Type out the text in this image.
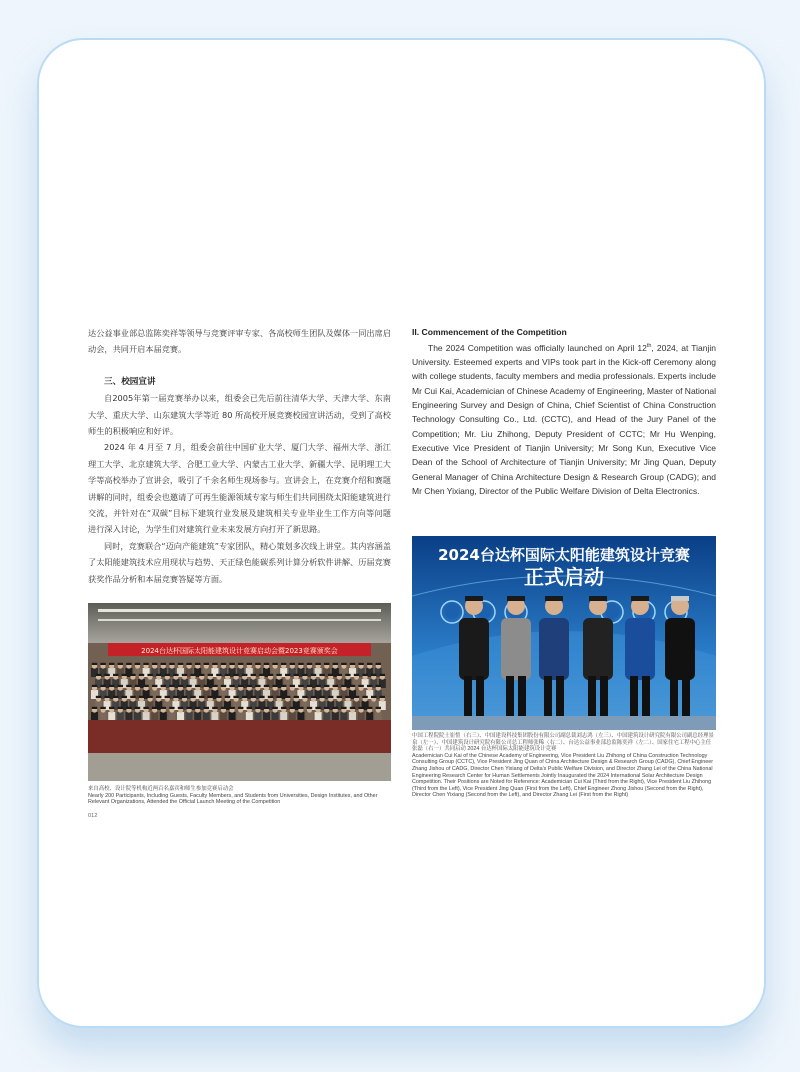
达公益事业部总监陈奕祥等领导与竞赛评审专家、各高校师生团队及媒体一同出席启动会，共同开启本届竞赛。

三、校园宣讲

自2005年第一届竞赛举办以来，组委会已先后前往清华大学、天津大学、东南大学、重庆大学、山东建筑大学等近 80 所高校开展竞赛校园宣讲活动，受到了高校师生的积极响应和好评。

2024 年 4 月至 7 月，组委会前往中国矿业大学、厦门大学、福州大学、浙江理工大学、北京建筑大学、合肥工业大学、内蒙古工业大学、新疆大学、昆明理工大学等高校举办了宣讲会，吸引了千余名师生现场参与。宣讲会上，在竞赛介绍和赛题讲解的同时，组委会也邀请了可再生能源领域专家与师生们共同围绕太阳能建筑进行交流，并针对在“双碳”目标下建筑行业发展及建筑相关专业毕业生工作方向等问题进行深入讨论，为学生们对建筑行业未来发展方向打开了新思路。

同时，竞赛联合“迈向产能建筑”专家团队，精心策划多次线上讲堂。其内容涵盖了太阳能建筑技术应用现状与趋势、天正绿色能碳系列计算分析软件讲解、历届竞赛获奖作品分析和本届竞赛答疑等方面。

2024台达杯国际太阳能建筑设计竞赛启动会暨2023竞赛颁奖会

来自高校、设计院等机构近两百名嘉宾和师生参加竞赛启动会
Nearly 200 Participants, Including Guests, Faculty Members, and Students from Universities, Design Institutes, and Other Relevant Organizations, Attended the Official Launch Meeting of the Competition

012

II. Commencement of the Competition

The 2024 Competition was officially launched on April 12th, 2024, at Tianjin University. Esteemed experts and VIPs took part in the Kick-off Ceremony along with college students, faculty members and media professionals. Experts include Mr Cui Kai, Academician of Chinese Academy of Engineering, Master of National Engineering Survey and Design of China, Chief Scientist of China Construction Technology Consulting Co., Ltd. (CCTC), and Head of the Jury Panel of the Competition; Mr. Liu Zhihong, Deputy President of CCTC; Mr Hu Wenping, Executive Vice President of Tianjin University; Mr Song Kun, Executive Vice Dean of the School of Architecture of Tianjin University; Mr Jing Quan, Deputy General Manager of China Architecture Design & Research Group (CADG); and Mr Chen Yixiang, Director of the Public Welfare Division of Delta Electronics.

2024台达杯国际太阳能建筑设计竞赛
正式启动

中国工程院院士崔愷（右三）、中国建设科技集团股份有限公司副总裁刘志鸿（左三）、中国建筑设计研究院有限公司副总经理景泉（左一）、中国建筑设计研究院有限公司总工程师张稀（右二）、台达公益事业部总监陈奕祥（左二）、国家住宅工程中心主任张磊（右一）共同启动 2024 台达杯国际太阳能建筑设计竞赛
Academician Cui Kai of the Chinese Academy of Engineering, Vice President Liu Zhihong of China Construction Technology Consulting Group (CCTC), Vice President Jing Quan of China Architecture Design & Research Group (CADG), Chief Engineer Zhang Jishou of CADG, Director Chen Yixiang of Delta's Public Welfare Division, and Director Zhang Lei of the China National Engineering Research Center for Human Settlements Jointly Inaugurated the 2024 International Solar Architecture Design Competition. Their Positions are Noted for Reference: Academician Cui Kai (Third from the Right), Vice President Liu Zhihong (Third from the Left), Vice President Jing Quan (First from the Left), Chief Engineer Zhong Jishou (Second from the Right), Director Chen Yixiang (Second from the Left), and Director Zhang Lei (First from the Right)
